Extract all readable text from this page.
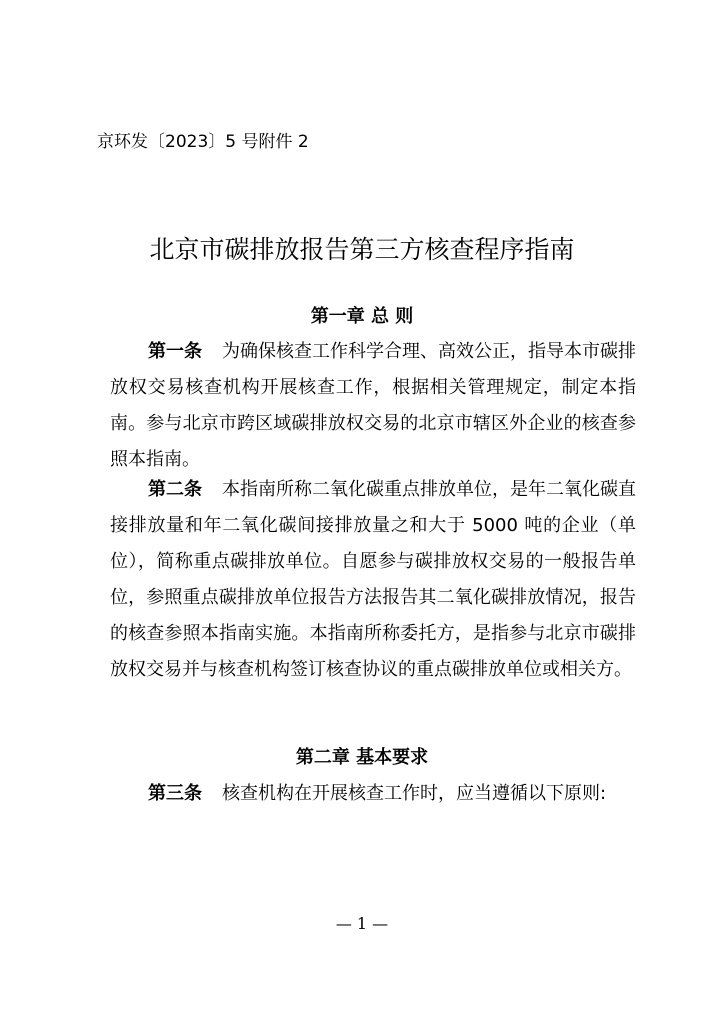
京环发〔2023〕5 号附件 2
北京市碳排放报告第三方核查程序指南
第一章 总 则

第一条 为确保核查工作科学合理、高效公正，指导本市碳排放权交易核查机构开展核查工作，根据相关管理规定，制定本指南。参与北京市跨区域碳排放权交易的北京市辖区外企业的核查参照本指南。

第二条 本指南所称二氧化碳重点排放单位，是年二氧化碳直接排放量和年二氧化碳间接排放量之和大于 5000 吨的企业（单位），简称重点碳排放单位。自愿参与碳排放权交易的一般报告单位，参照重点碳排放单位报告方法报告其二氧化碳排放情况，报告的核查参照本指南实施。本指南所称委托方，是指参与北京市碳排放权交易并与核查机构签订核查协议的重点碳排放单位或相关方。

第二章 基本要求

第三条 核查机构在开展核查工作时，应当遵循以下原则:

— 1 —
